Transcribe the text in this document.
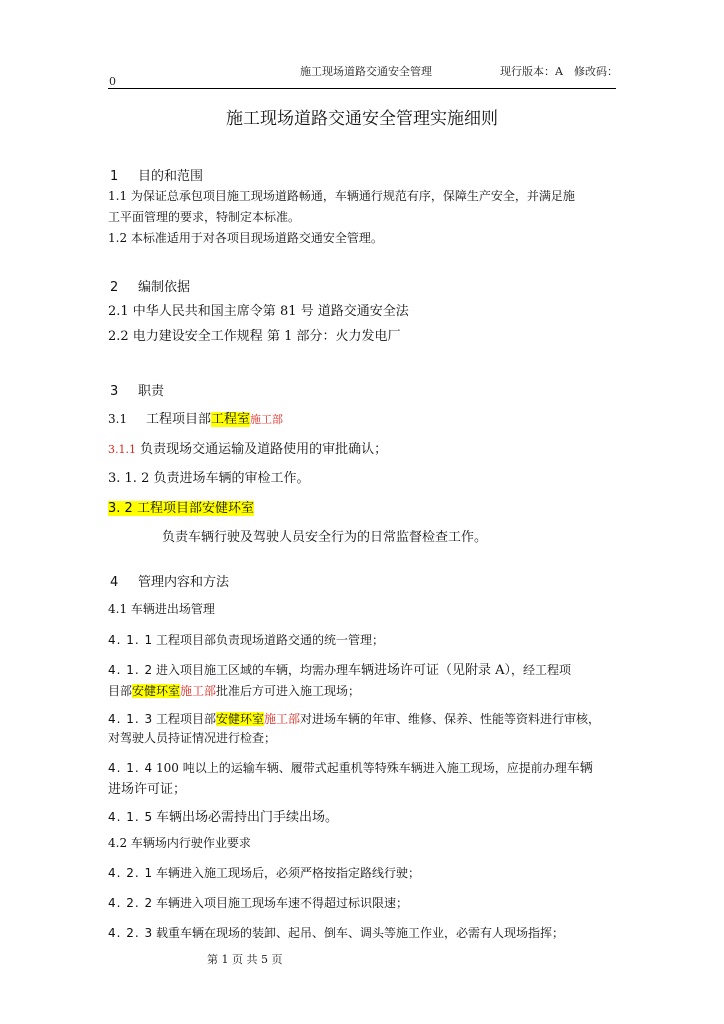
施工现场道路交通安全管理	现行版本：A　修改码：
0
施工现场道路交通安全管理实施细则
1 目的和范围
1.1 为保证总承包项目施工现场道路畅通，车辆通行规范有序，保障生产安全，并满足施
工平面管理的要求，特制定本标准。
1.2 本标准适用于对各项目现场道路交通安全管理。
2 编制依据
2.1 中华人民共和国主席令第 81 号 道路交通安全法
2.2 电力建设安全工作规程 第 1 部分：火力发电厂
3 职责
3.1 工程项目部工程室施工部
3.1.1 负责现场交通运输及道路使用的审批确认；
3. 1. 2 负责进场车辆的审检工作。
3. 2 工程项目部安健环室
负责车辆行驶及驾驶人员安全行为的日常监督检查工作。
4 管理内容和方法
4.1 车辆进出场管理
4. 1. 1 工程项目部负责现场道路交通的统一管理；
4. 1. 2 进入项目施工区域的车辆，均需办理车辆进场许可证（见附录 A），经工程项
目部安健环室施工部批准后方可进入施工现场；
4. 1. 3 工程项目部安健环室施工部对进场车辆的年审、维修、保养、性能等资料进行审核，
对驾驶人员持证情况进行检查；
4. 1. 4 100 吨以上的运输车辆、履带式起重机等特殊车辆进入施工现场，应提前办理车辆
进场许可证；
4. 1. 5 车辆出场必需持出门手续出场。
4.2 车辆场内行驶作业要求
4. 2. 1 车辆进入施工现场后，必须严格按指定路线行驶；
4. 2. 2 车辆进入项目施工现场车速不得超过标识限速；
4. 2. 3 载重车辆在现场的装卸、起吊、倒车、调头等施工作业，必需有人现场指挥；
第 1 页 共 5 页
